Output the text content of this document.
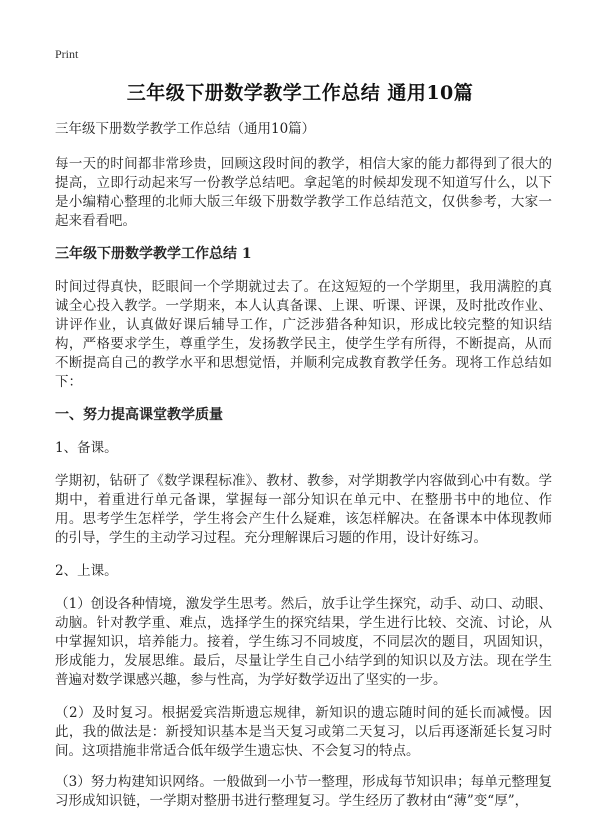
Print
三年级下册数学教学工作总结 通用10篇

三年级下册数学教学工作总结（通用10篇）

每一天的时间都非常珍贵，回顾这段时间的教学，相信大家的能力都得到了很大的提高，立即行动起来写一份教学总结吧。拿起笔的时候却发现不知道写什么，以下是小编精心整理的北师大版三年级下册数学教学工作总结范文，仅供参考，大家一起来看看吧。

三年级下册数学教学工作总结 1

时间过得真快，眨眼间一个学期就过去了。在这短短的一个学期里，我用满腔的真诚全心投入教学。一学期来，本人认真备课、上课、听课、评课，及时批改作业、讲评作业，认真做好课后辅导工作，广泛涉猎各种知识，形成比较完整的知识结构，严格要求学生，尊重学生，发扬教学民主，使学生学有所得，不断提高，从而不断提高自己的教学水平和思想觉悟，并顺利完成教育教学任务。现将工作总结如下：

一、努力提高课堂教学质量

1、备课。

学期初，钻研了《数学课程标准》、教材、教参，对学期教学内容做到心中有数。学期中，着重进行单元备课，掌握每一部分知识在单元中、在整册书中的地位、作用。思考学生怎样学，学生将会产生什么疑难，该怎样解决。在备课本中体现教师的引导，学生的主动学习过程。充分理解课后习题的作用，设计好练习。

2、上课。

（1）创设各种情境，激发学生思考。然后，放手让学生探究，动手、动口、动眼、动脑。针对教学重、难点，选择学生的探究结果，学生进行比较、交流、讨论，从中掌握知识，培养能力。接着，学生练习不同坡度，不同层次的题目，巩固知识，形成能力，发展思维。最后，尽量让学生自己小结学到的知识以及方法。现在学生普遍对数学课感兴趣，参与性高，为学好数学迈出了坚实的一步。

（2）及时复习。根据爱宾浩斯遗忘规律，新知识的遗忘随时间的延长而减慢。因此，我的做法是：新授知识基本是当天复习或第二天复习，以后再逐渐延长复习时间。这项措施非常适合低年级学生遗忘快、不会复习的特点。

（3）努力构建知识网络。一般做到一小节一整理，形成每节知识串；每单元整理复习形成知识链，一学期对整册书进行整理复习。学生经历了教材由“薄”变“厚”，
